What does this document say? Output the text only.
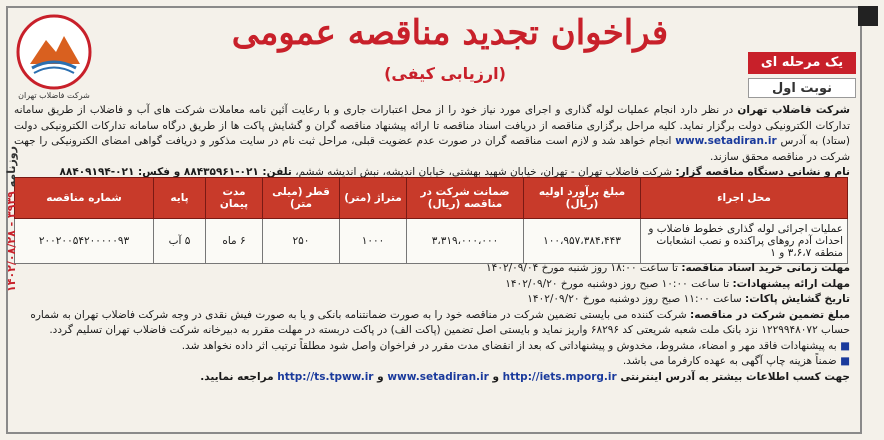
شرکت فاضلاب تهران
فراخوان تجدید مناقصه عمومی
(ارزیابی کیفی)
یک مرحله ای
نوبت اول
شرکت فاضلاب تهران در نظر دارد انجام عملیات لوله گذاری و اجرای مورد نیاز خود را از محل اعتبارات جاری و با رعایت آئین نامه معاملات شرکت های آب و فاضلاب از طریق سامانه تدارکات الکترونیکی دولت برگزار نماید. کلیه مراحل برگزاری مناقصه از دریافت اسناد مناقصه تا ارائه پیشنهاد مناقصه گران و گشایش پاکت ها از طریق درگاه سامانه تدارکات الکترونیکی دولت (ستاد) به آدرس www.setadiran.ir انجام خواهد شد و لازم است مناقصه گران در صورت عدم عضویت قبلی، مراحل ثبت نام در سایت مذکور و دریافت گواهی امضای الکترونیکی را جهت شرکت در مناقصه محقق سازند.
نام و نشانی دستگاه مناقصه گزار: شرکت فاضلاب تهران - تهران، خیابان شهید بهشتی، خیابان اندیشه، نبش اندیشه ششم، تلفن: ۰۲۱-۸۸۴۳۵۹۶۱ و فکس: ۰۲۱-۸۸۴۰۹۱۹۴
محل اجراء	مبلغ برآورد اولیه (ریال)	ضمانت شرکت در مناقصه (ریال)	متراژ (متر)	قطر (میلی متر)	مدت پیمان	پایه	شماره مناقصه
عملیات اجرائی لوله گذاری خطوط فاضلاب و احداث آدم روهای پراکنده و نصب انشعابات منطقه ۳،۶،۷ و ۱	۱۰۰،۹۵۷،۳۸۴،۴۴۳	۳،۳۱۹،۰۰۰،۰۰۰	۱۰۰۰	۲۵۰	۶ ماه	۵ آب	۲۰۰۲۰۰۵۴۲۰۰۰۰۰۹۳

مهلت زمانی خرید اسناد مناقصه: تا ساعت ۱۸:۰۰ روز شنبه مورخ ۱۴۰۲/۰۹/۰۴

مهلت ارائه پیشنهادات: تا ساعت ۱۰:۰۰ صبح روز دوشنبه مورخ ۱۴۰۲/۰۹/۲۰

تاریخ گشایش پاکات: ساعت ۱۱:۰۰ صبح روز دوشنبه مورخ ۱۴۰۲/۰۹/۲۰

مبلغ تضمین شرکت در مناقصه: شرکت کننده می بایستی تضمین شرکت در مناقصه خود را به صورت ضمانتنامه بانکی و یا به صورت فیش نقدی در وجه شرکت فاضلاب تهران به شماره حساب ۱۲۲۹۹۴۸۰۷۲ نزد بانک ملت شعبه شریعتی کد ۶۸۲۹۶ واریز نماید و بایستی اصل تضمین (پاکت الف) در پاکت دربسته در مهلت مقرر به دبیرخانه شرکت فاضلاب تهران تسلیم گردد.

■ به پیشنهادات فاقد مهر و امضاء، مشروط، مخدوش و پیشنهاداتی که بعد از انقضای مدت مقرر در فراخوان واصل شود مطلقاً ترتیب اثر داده نخواهد شد.

■ ضمناً هزینه چاپ آگهی به عهده کارفرما می باشد.

جهت کسب اطلاعات بیشتر به آدرس اینترنتی http://iets.mporg.ir و www.setadiran.ir و http://ts.tpww.ir مراجعه نمایید.

روزنامه ۳۹۳۹ - ۱۴۰۲/۰۸/۲۸
